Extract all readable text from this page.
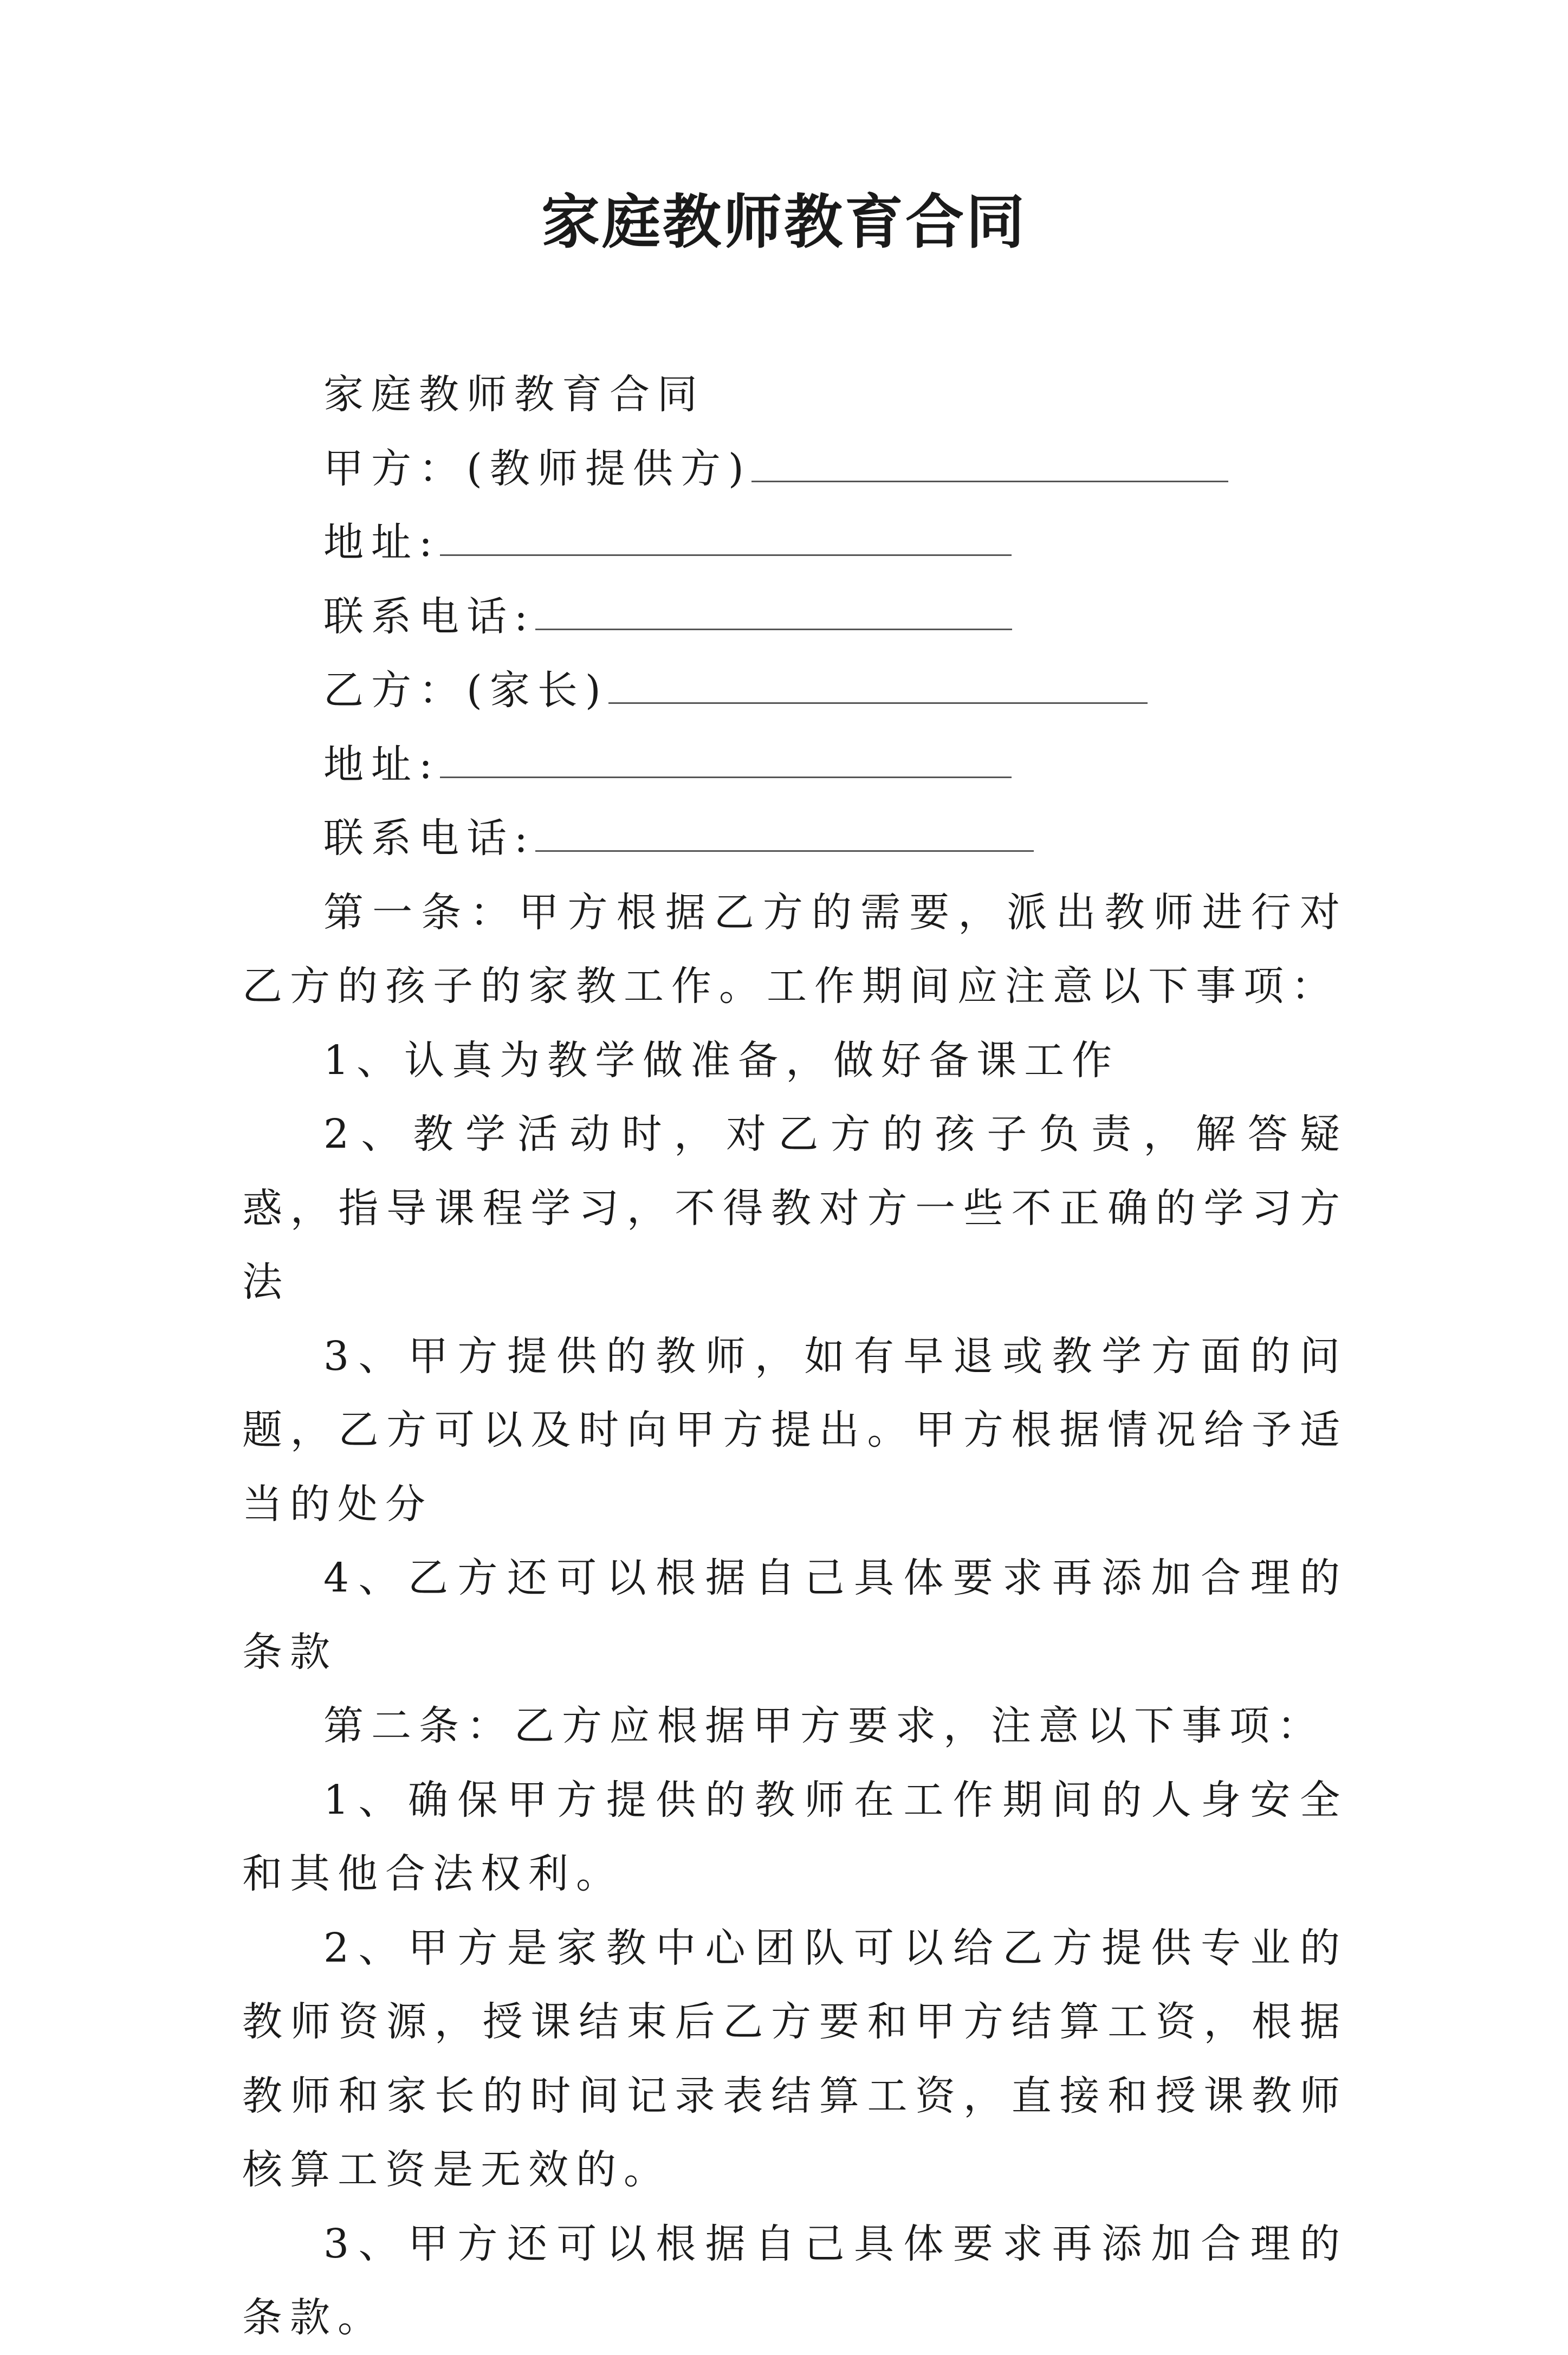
家庭教师教育合同

家庭教师教育合同

甲方：(教师提供方)

地址:

联系电话:

乙方：(家长)

地址:

联系电话:

第一条：甲方根据乙方的需要，派出教师进行对乙方的孩子的家教工作。工作期间应注意以下事项：

1、认真为教学做准备，做好备课工作

2、教学活动时，对乙方的孩子负责，解答疑惑，指导课程学习，不得教对方一些不正确的学习方法

3、甲方提供的教师，如有早退或教学方面的问题，乙方可以及时向甲方提出。甲方根据情况给予适当的处分

4、乙方还可以根据自己具体要求再添加合理的条款

第二条：乙方应根据甲方要求，注意以下事项：

1、确保甲方提供的教师在工作期间的人身安全和其他合法权利。

2、甲方是家教中心团队可以给乙方提供专业的教师资源，授课结束后乙方要和甲方结算工资，根据教师和家长的时间记录表结算工资，直接和授课教师核算工资是无效的。

3、甲方还可以根据自己具体要求再添加合理的条款。
